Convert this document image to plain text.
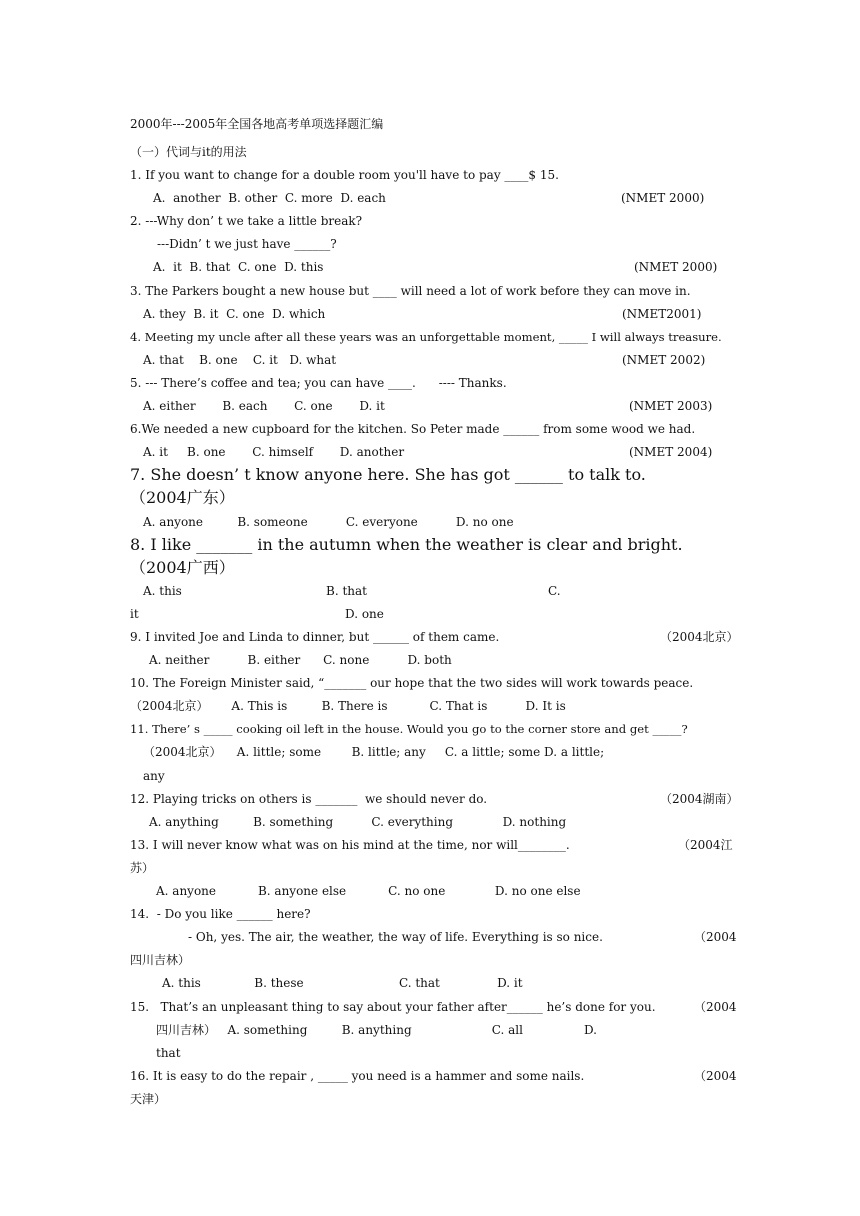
2000年---2005年全国各地高考单项选择题汇编
（一）代词与it的用法
1. If you want to change for a double room you'll have to pay ____$ 15.
A.  another  B. other  C. more  D. each	(NMET 2000)
2. ---Why don’ t we take a little break?
---Didn’ t we just have ______?
A.  it  B. that  C. one  D. this	(NMET 2000)
3. The Parkers bought a new house but ____ will need a lot of work before they can move in.
A. they  B. it  C. one  D. which	(NMET2001)
4. Meeting my uncle after all these years was an unforgettable moment, _____ I will always treasure.
A. that    B. one    C. it   D. what	(NMET 2002)
5. --- There’s coffee and tea; you can have ____.      ---- Thanks.
A. either       B. each       C. one       D. it	(NMET 2003)
6.We needed a new cupboard for the kitchen. So Peter made ______ from some wood we had.
A. it     B. one       C. himself       D. another	(NMET 2004)
7. She doesn’ t know anyone here. She has got ______ to talk to.
（2004广东）
A. anyone         B. someone          C. everyone          D. no one
8. I like _______ in the autumn when the weather is clear and bright.
（2004广西）
A. this	B. that	C.
it	D. one
9. I invited Joe and Linda to dinner, but ______ of them came.	（2004北京）
A. neither          B. either      C. none          D. both
10. The Foreign Minister said, “_______ our hope that the two sides will work towards peace.
（2004北京）      A. This is         B. There is           C. That is          D. It is
11. There’ s _____ cooking oil left in the house. Would you go to the corner store and get _____?
（2004北京）    A. little; some        B. little; any     C. a little; some D. a little;
any
12. Playing tricks on others is _______  we should never do.	（2004湖南）
A. anything         B. something          C. everything             D. nothing
13. I will never know what was on his mind at the time, nor will________.	（2004江
苏）
A. anyone           B. anyone else           C. no one             D. no one else
14.  - Do you like ______ here?
- Oh, yes. The air, the weather, the way of life. Everything is so nice.	（2004
四川吉林）
A. this              B. these                         C. that               D. it
15.   That’s an unpleasant thing to say about your father after______ he’s done for you.	（2004
四川吉林）   A. something         B. anything                     C. all                D.
that
16. It is easy to do the repair , _____ you need is a hammer and some nails.	（2004
天津）
